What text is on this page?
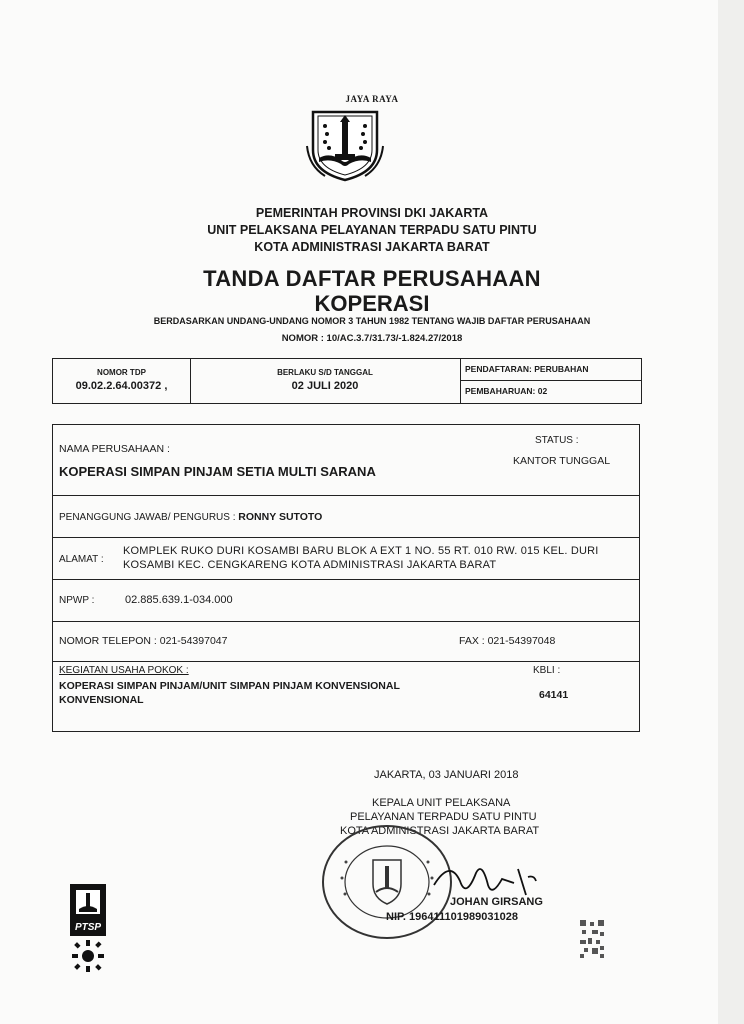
JAYA RAYA
PEMERINTAH PROVINSI DKI JAKARTA
UNIT PELAKSANA PELAYANAN TERPADU SATU PINTU
KOTA ADMINISTRASI JAKARTA BARAT
TANDA DAFTAR PERUSAHAAN
KOPERASI
BERDASARKAN UNDANG-UNDANG NOMOR 3 TAHUN 1982 TENTANG WAJIB DAFTAR PERUSAHAAN
NOMOR : 10/AC.3.7/31.73/-1.824.27/2018
NOMOR TDP
09.02.2.64.00372 ,
BERLAKU S/D TANGGAL
02 JULI 2020
PENDAFTARAN: PERUBAHAN
PEMBAHARUAN: 02
NAMA PERUSAHAAN :
KOPERASI SIMPAN PINJAM SETIA MULTI SARANA
STATUS :
KANTOR TUNGGAL
PENANGGUNG JAWAB/ PENGURUS : RONNY SUTOTO
ALAMAT :
KOMPLEK RUKO DURI KOSAMBI BARU BLOK A EXT 1 NO. 55 RT. 010 RW. 015 KEL. DURI KOSAMBI KEC. CENGKARENG KOTA ADMINISTRASI JAKARTA BARAT
NPWP :	02.885.639.1-034.000
NOMOR TELEPON : 021-54397047	FAX : 021-54397048
KEGIATAN USAHA POKOK :
KOPERASI SIMPAN PINJAM/UNIT SIMPAN PINJAM KONVENSIONAL KONVENSIONAL
KBLI :
64141
JAKARTA, 03 JANUARI 2018
KEPALA UNIT PELAKSANA
PELAYANAN TERPADU SATU PINTU
KOTA ADMINISTRASI JAKARTA BARAT
JOHAN GIRSANG
NIP. 196411101989031028
PTSP
